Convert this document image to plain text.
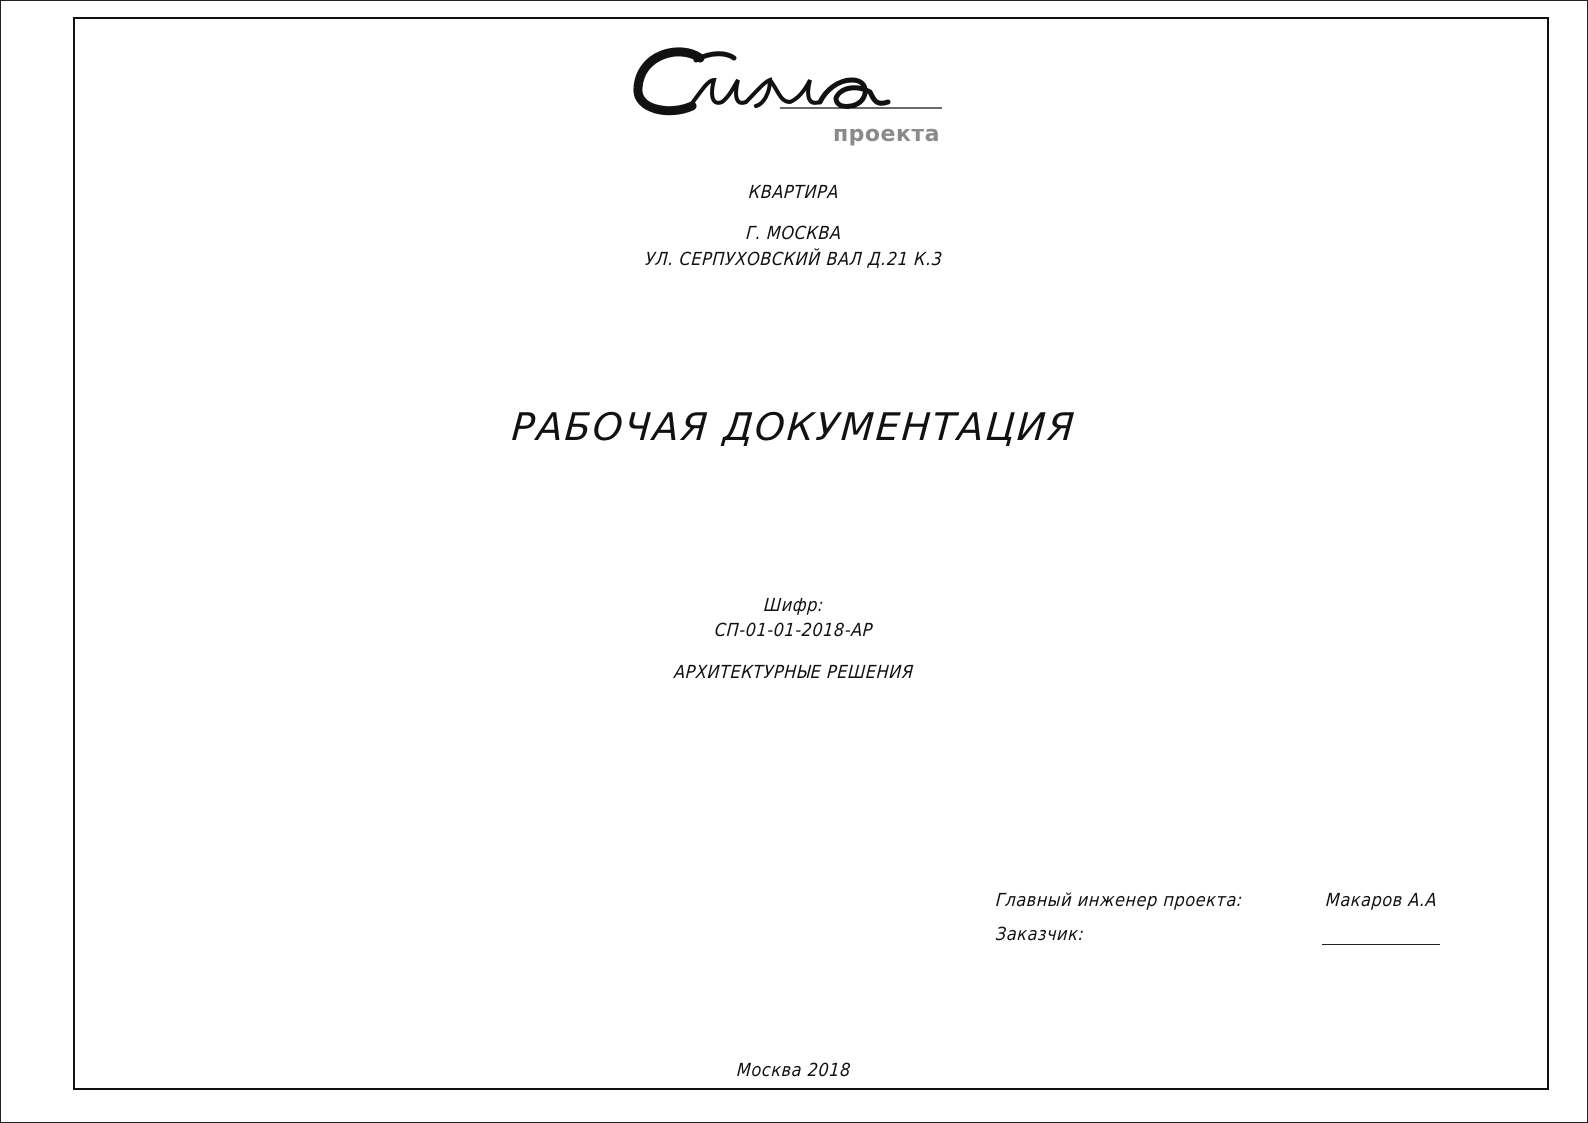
проекта
КВАРТИРА
Г. МОСКВА
УЛ. СЕРПУХОВСКИЙ ВАЛ Д.21 К.3
РАБОЧАЯ ДОКУМЕНТАЦИЯ
Шифр:
СП-01-01-2018-АР
АРХИТЕКТУРНЫЕ РЕШЕНИЯ
Главный инженер проекта:	Макаров А.А
Заказчик:
Москва 2018
